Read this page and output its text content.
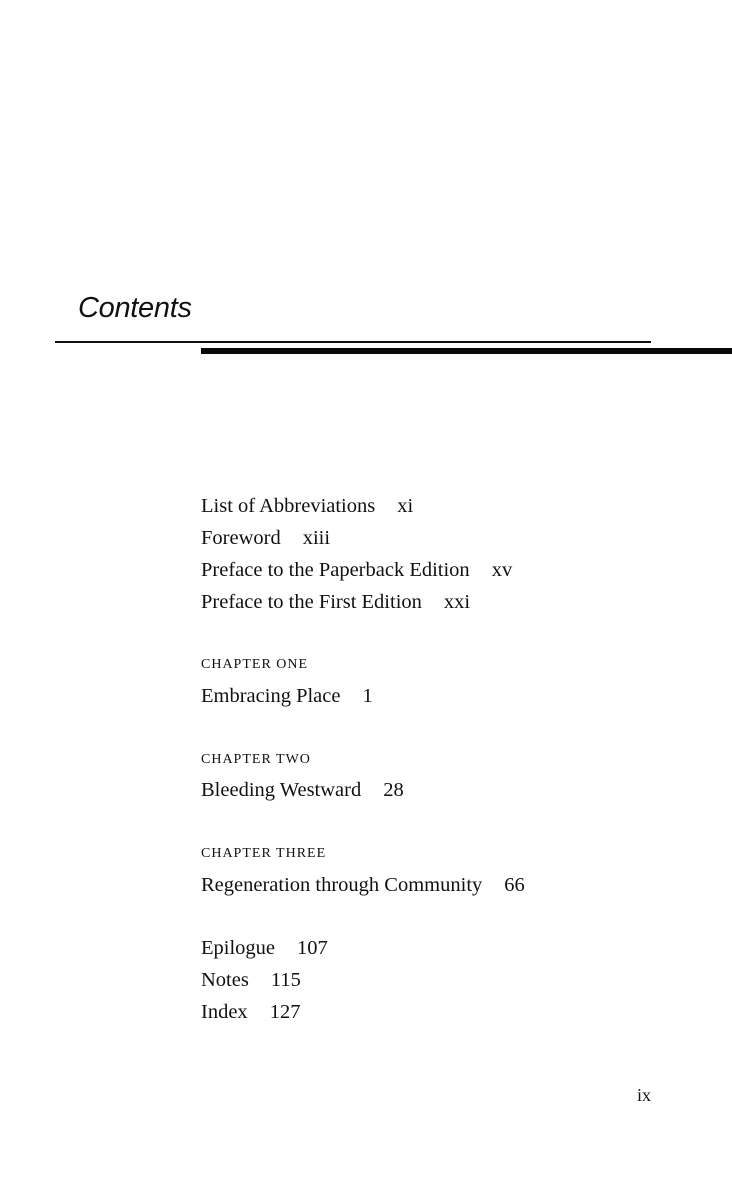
Contents
List of Abbreviations xi
Foreword xiii
Preface to the Paperback Edition xv
Preface to the First Edition xxi
CHAPTER ONE
Embracing Place 1
CHAPTER TWO
Bleeding Westward 28
CHAPTER THREE
Regeneration through Community 66
Epilogue 107
Notes 115
Index 127
ix
